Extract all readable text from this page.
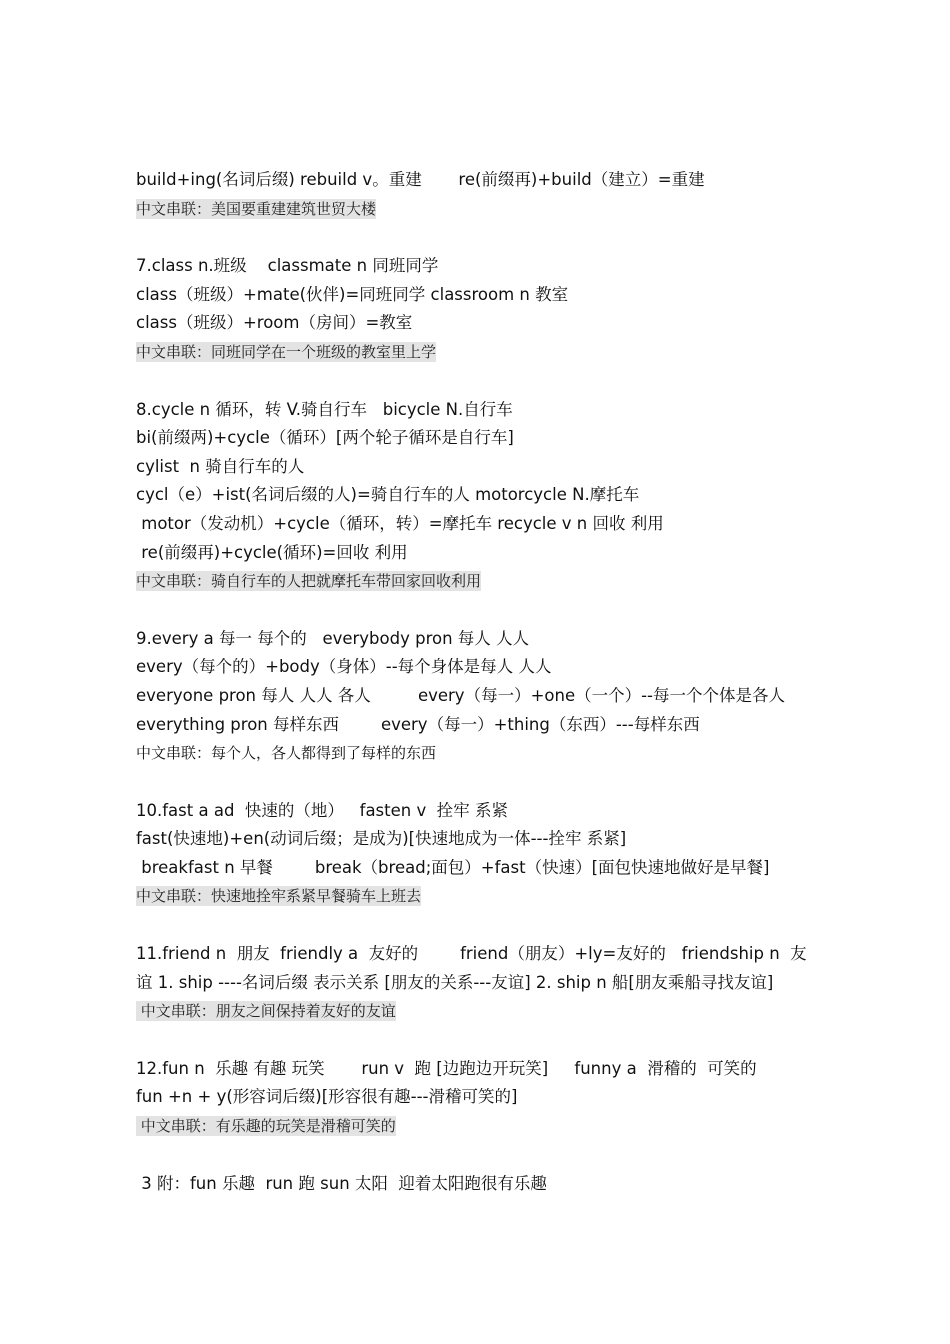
build+ing(名词后缀) rebuild v。重建       re(前缀再)+build（建立）=重建
中文串联：美国要重建建筑世贸大楼
7.class n.班级    classmate n 同班同学
class（班级）+mate(伙伴)=同班同学 classroom n 教室
class（班级）+room（房间）=教室
中文串联：同班同学在一个班级的教室里上学
8.cycle n 循环，转 V.骑自行车   bicycle N.自行车
bi(前缀两)+cycle（循环）[两个轮子循环是自行车]
cylist  n 骑自行车的人
cycl（e）+ist(名词后缀的人)=骑自行车的人 motorcycle N.摩托车
motor（发动机）+cycle（循环，转）=摩托车 recycle v n 回收 利用
re(前缀再)+cycle(循环)=回收 利用
中文串联：骑自行车的人把就摩托车带回家回收利用
9.every a 每一 每个的   everybody pron 每人 人人
every（每个的）+body（身体）--每个身体是每人 人人
everyone pron 每人 人人 各人         every（每一）+one（一个）--每一个个体是各人
everything pron 每样东西        every（每一）+thing（东西）---每样东西
中文串联：每个人，各人都得到了每样的东西
10.fast a ad  快速的（地）   fasten v  拴牢 系紧
fast(快速地)+en(动词后缀；是成为)[快速地成为一体---拴牢 系紧]
breakfast n 早餐        break（bread;面包）+fast（快速）[面包快速地做好是早餐]
中文串联：快速地拴牢系紧早餐骑车上班去
11.friend n  朋友  friendly a  友好的        friend（朋友）+ly=友好的   friendship n  友
谊 1. ship ----名词后缀 表示关系 [朋友的关系---友谊] 2. ship n 船[朋友乘船寻找友谊]
中文串联：朋友之间保持着友好的友谊
12.fun n  乐趣 有趣 玩笑       run v  跑 [边跑边开玩笑]     funny a  滑稽的  可笑的
fun +n + y(形容词后缀)[形容很有趣---滑稽可笑的]
中文串联：有乐趣的玩笑是滑稽可笑的
3 附：fun 乐趣  run 跑 sun 太阳  迎着太阳跑很有乐趣
